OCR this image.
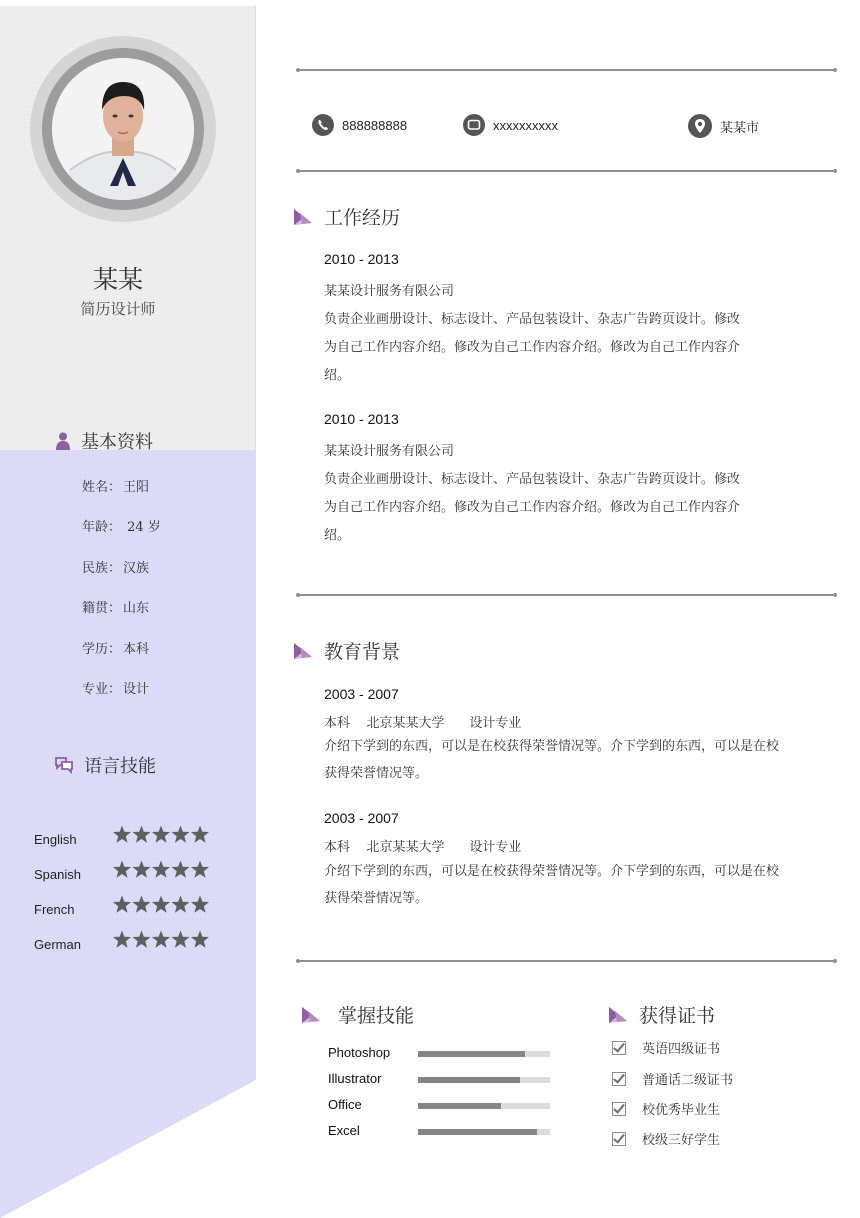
某某
简历设计师
基本资料
姓名： 王阳
年龄： 24 岁
民族： 汉族
籍贯： 山东
学历： 本科
专业： 设计
语言技能
English
Spanish
French
German
888888888	xxxxxxxxxx	某某市
工作经历
2010 - 2013
某某设计服务有限公司
负责企业画册设计、标志设计、产品包装设计、杂志广告跨页设计。修改为自己工作内容介绍。修改为自己工作内容介绍。修改为自己工作内容介绍。
2010 - 2013
某某设计服务有限公司
负责企业画册设计、标志设计、产品包装设计、杂志广告跨页设计。修改为自己工作内容介绍。修改为自己工作内容介绍。修改为自己工作内容介绍。
教育背景
2003 - 2007
本科    北京某某大学      设计专业
介绍下学到的东西，可以是在校获得荣誉情况等。介下学到的东西，可以是在校获得荣誉情况等。
2003 - 2007
本科    北京某某大学      设计专业
介绍下学到的东西，可以是在校获得荣誉情况等。介下学到的东西，可以是在校获得荣誉情况等。
掌握技能
Photoshop
Illustrator
Office
Excel
获得证书
英语四级证书
普通话二级证书
校优秀毕业生
校级三好学生
